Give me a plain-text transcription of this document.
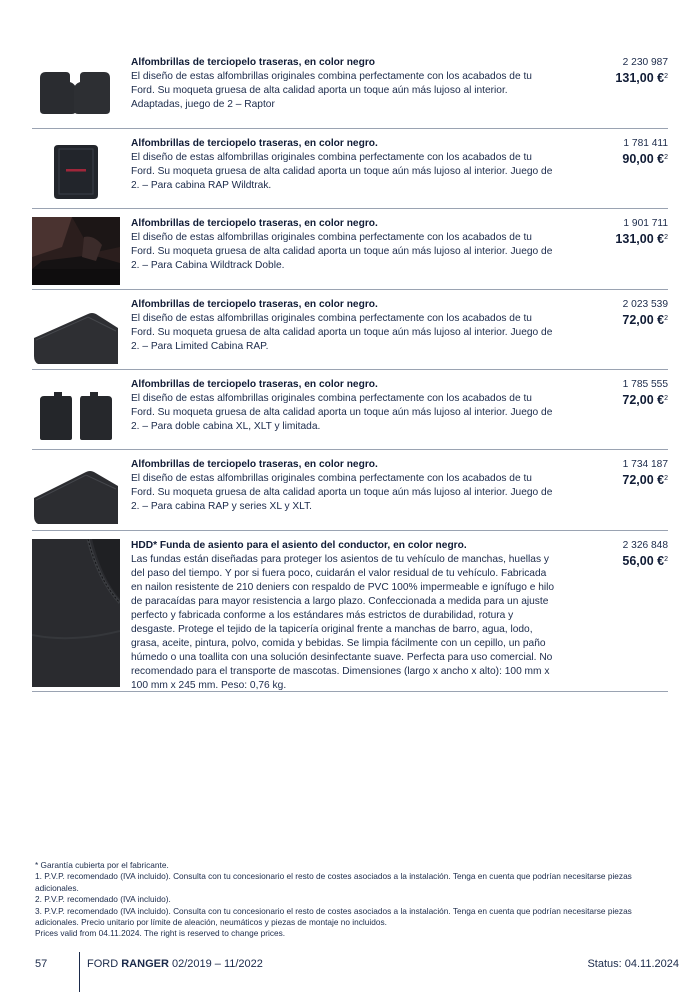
Alfombrillas de terciopelo traseras, en color negro
El diseño de estas alfombrillas originales combina perfectamente con los acabados de tu Ford. Su moqueta gruesa de alta calidad aporta un toque aún más lujoso al interior. Adaptadas, juego de 2 – Raptor
2 230 987
131,00 €$^2$
Alfombrillas de terciopelo traseras, en color negro.
El diseño de estas alfombrillas originales combina perfectamente con los acabados de tu Ford. Su moqueta gruesa de alta calidad aporta un toque aún más lujoso al interior. Juego de 2. – Para cabina RAP Wildtrak.
1 781 411
90,00 €$^2$
Alfombrillas de terciopelo traseras, en color negro.
El diseño de estas alfombrillas originales combina perfectamente con los acabados de tu Ford. Su moqueta gruesa de alta calidad aporta un toque aún más lujoso al interior. Juego de 2. – Para Cabina Wildtrack Doble.
1 901 711
131,00 €$^2$
Alfombrillas de terciopelo traseras, en color negro.
El diseño de estas alfombrillas originales combina perfectamente con los acabados de tu Ford. Su moqueta gruesa de alta calidad aporta un toque aún más lujoso al interior. Juego de 2. – Para Limited Cabina RAP.
2 023 539
72,00 €$^2$
Alfombrillas de terciopelo traseras, en color negro.
El diseño de estas alfombrillas originales combina perfectamente con los acabados de tu Ford. Su moqueta gruesa de alta calidad aporta un toque aún más lujoso al interior. Juego de 2. – Para doble cabina XL, XLT y limitada.
1 785 555
72,00 €$^2$
Alfombrillas de terciopelo traseras, en color negro.
El diseño de estas alfombrillas originales combina perfectamente con los acabados de tu Ford. Su moqueta gruesa de alta calidad aporta un toque aún más lujoso al interior. Juego de 2. – Para cabina RAP y series XL y XLT.
1 734 187
72,00 €$^2$
HDD* Funda de asiento para el asiento del conductor, en color negro.
Las fundas están diseñadas para proteger los asientos de tu vehículo de manchas, huellas y del paso del tiempo. Y por si fuera poco, cuidarán el valor residual de tu vehículo. Fabricada en nailon resistente de 210 deniers con respaldo de PVC 100% impermeable e ignífugo e hilo de paracaídas para mayor resistencia a largo plazo. Confeccionada a medida para un ajuste perfecto y fabricada conforme a los estándares más estrictos de durabilidad, rotura y desgaste. Protege el tejido de la tapicería original frente a manchas de barro, agua, lodo, grasa, aceite, pintura, polvo, comida y bebidas. Se limpia fácilmente con un cepillo, un paño húmedo o una toallita con una solución desinfectante suave. Perfecta para uso comercial. No recomendado para el transporte de mascotas. Dimensiones (largo x ancho x alto): 100 mm x 100 mm x 245 mm. Peso: 0,76 kg.
2 326 848
56,00 €$^2$
* Garantía cubierta por el fabricante.
1. P.V.P. recomendado (IVA incluido). Consulta con tu concesionario el resto de costes asociados a la instalación. Tenga en cuenta que podrían necesitarse piezas adicionales.
2. P.V.P. recomendado (IVA incluido).
3. P.V.P. recomendado (IVA incluido). Consulta con tu concesionario el resto de costes asociados a la instalación. Tenga en cuenta que podrían necesitarse piezas adicionales. Precio unitario por límite de aleación, neumáticos y piezas de montaje no incluidos.
Prices valid from 04.11.2024. The right is reserved to change prices.
57	FORD RANGER 02/2019 – 11/2022	Status: 04.11.2024
